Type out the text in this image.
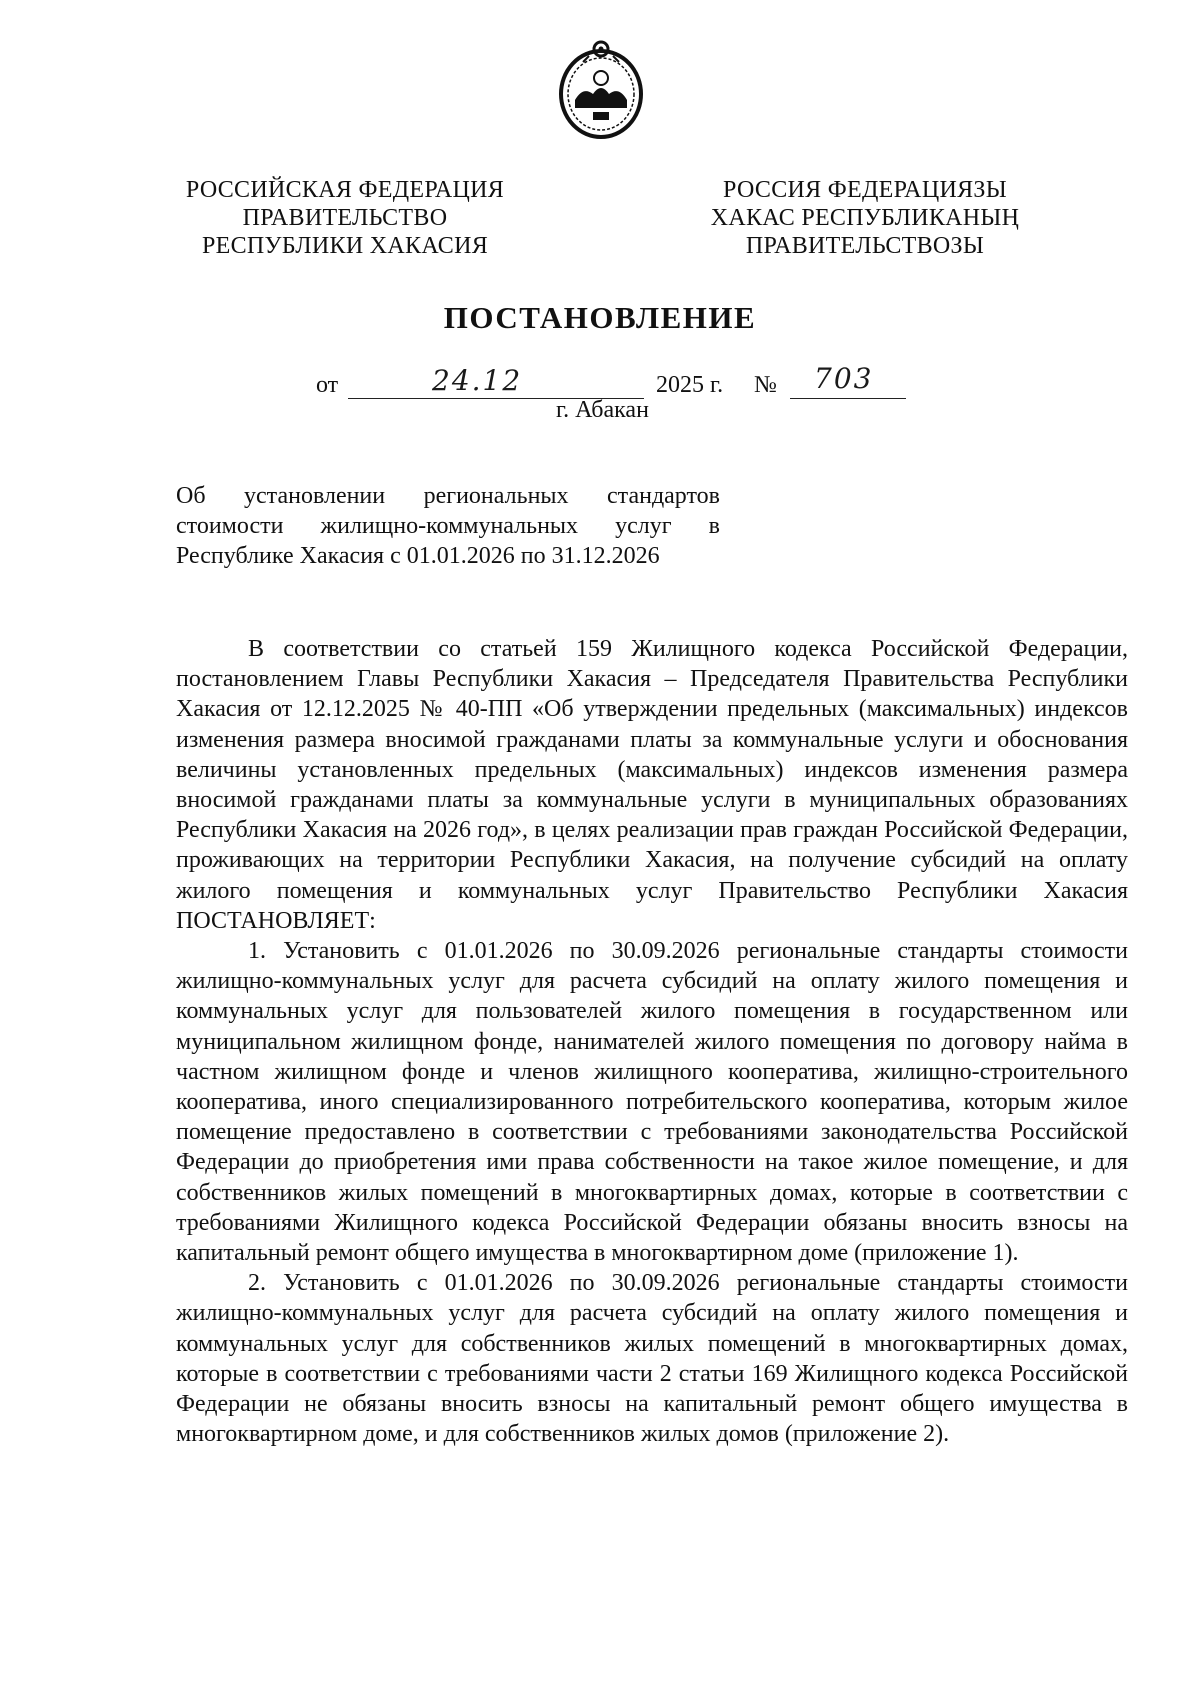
РОССИЙСКАЯ ФЕДЕРАЦИЯ
ПРАВИТЕЛЬСТВО
РЕСПУБЛИКИ ХАКАСИЯ
РОССИЯ ФЕДЕРАЦИЯЗЫ
ХАКАС РЕСПУБЛИКАНЫҢ
ПРАВИТЕЛЬСТВОЗЫ
ПОСТАНОВЛЕНИЕ
от	24.12	2025 г. № 703
г. Абакан
Об установлении региональных стандартов
стоимости жилищно-коммунальных услуг в
Республике Хакасия с 01.01.2026 по 31.12.2026

В соответствии со статьей 159 Жилищного кодекса Российской Федерации, постановлением Главы Республики Хакасия – Председателя Правительства Республики Хакасия от 12.12.2025 № 40-ПП «Об утверждении предельных (максимальных) индексов изменения размера вносимой гражданами платы за коммунальные услуги и обоснования величины установленных предельных (максимальных) индексов изменения размера вносимой гражданами платы за коммунальные услуги в муниципальных образованиях Республики Хакасия на 2026 год», в целях реализации прав граждан Российской Федерации, проживающих на территории Республики Хакасия, на получение субсидий на оплату жилого помещения и коммунальных услуг Правительство Республики Хакасия ПОСТАНОВЛЯЕТ:

1. Установить с 01.01.2026 по 30.09.2026 региональные стандарты стоимости жилищно-коммунальных услуг для расчета субсидий на оплату жилого помещения и коммунальных услуг для пользователей жилого помещения в государственном или муниципальном жилищном фонде, нанимателей жилого помещения по договору найма в частном жилищном фонде и членов жилищного кооператива, жилищно-строительного кооператива, иного специализированного потребительского кооператива, которым жилое помещение предоставлено в соответствии с требованиями законодательства Российской Федерации до приобретения ими права собственности на такое жилое помещение, и для собственников жилых помещений в многоквартирных домах, которые в соответствии с требованиями Жилищного кодекса Российской Федерации обязаны вносить взносы на капитальный ремонт общего имущества в многоквартирном доме (приложение 1).

2. Установить с 01.01.2026 по 30.09.2026 региональные стандарты стоимости жилищно-коммунальных услуг для расчета субсидий на оплату жилого помещения и коммунальных услуг для собственников жилых помещений в многоквартирных домах, которые в соответствии с требованиями части 2 статьи 169 Жилищного кодекса Российской Федерации не обязаны вносить взносы на капитальный ремонт общего имущества в многоквартирном доме, и для собственников жилых домов (приложение 2).
